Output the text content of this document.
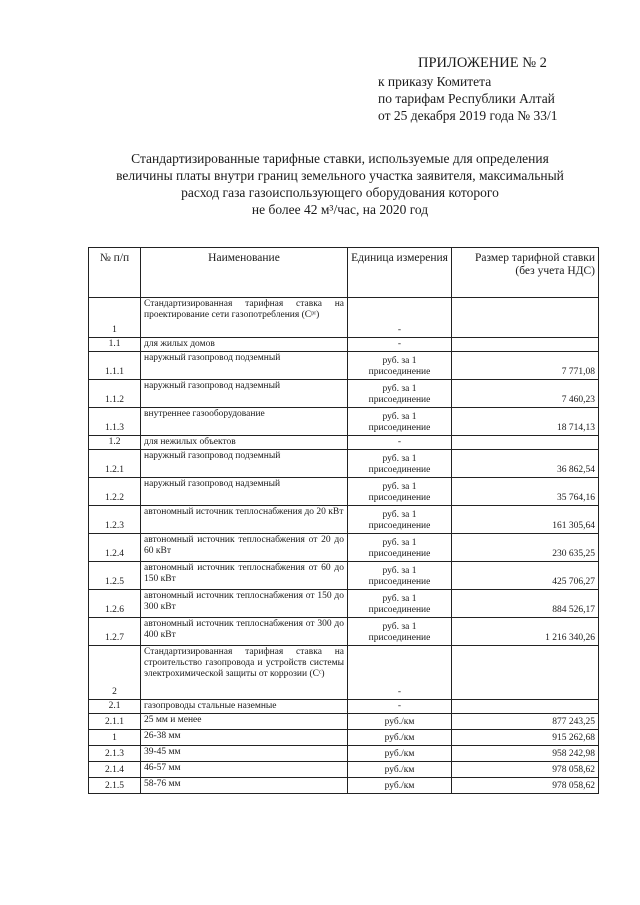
ПРИЛОЖЕНИЕ № 2
к приказу Комитета
по тарифам Республики Алтай
от 25 декабря 2019 года № 33/1
Стандартизированные тарифные ставки, используемые для определения
величины платы внутри границ земельного участка заявителя, максимальный
расход газа газоиспользующего оборудования которого
не более 42 м³/час, на 2020 год
№ п/п	Наименование	Единица измерения	Размер тарифной ставки (без учета НДС)
1	Стандартизированная тарифная ставка на проектирование сети газопотребления (Сᵖʳ)	-	
1.1	для жилых домов	-	
1.1.1	наружный газопровод подземный	руб. за 1 присоединение	7 771,08
1.1.2	наружный газопровод надземный	руб. за 1 присоединение	7 460,23
1.1.3	внутреннее газооборудование	руб. за 1 присоединение	18 714,13
1.2	для нежилых объектов	-	
1.2.1	наружный газопровод подземный	руб. за 1 присоединение	36 862,54
1.2.2	наружный газопровод надземный	руб. за 1 присоединение	35 764,16
1.2.3	автономный источник теплоснабжения до 20 кВт	руб. за 1 присоединение	161 305,64
1.2.4	автономный источник теплоснабжения от 20 до 60 кВт	руб. за 1 присоединение	230 635,25
1.2.5	автономный источник теплоснабжения от 60 до 150 кВт	руб. за 1 присоединение	425 706,27
1.2.6	автономный источник теплоснабжения от 150 до 300 кВт	руб. за 1 присоединение	884 526,17
1.2.7	автономный источник теплоснабжения от 300 до 400 кВт	руб. за 1 присоединение	1 216 340,26
2	Стандартизированная тарифная ставка на строительство газопровода и устройств системы электрохимической защиты от коррозии (Сᶜ)	-	
2.1	газопроводы стальные наземные	-	
2.1.1	25 мм и менее	руб./км	877 243,25
1	26-38 мм	руб./км	915 262,68
2.1.3	39-45 мм	руб./км	958 242,98
2.1.4	46-57 мм	руб./км	978 058,62
2.1.5	58-76 мм	руб./км	978 058,62
